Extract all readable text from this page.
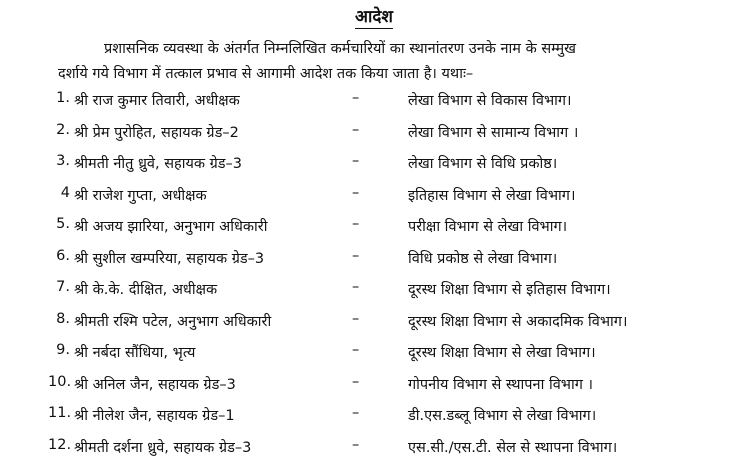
आदेश
प्रशासनिक व्यवस्था के अंतर्गत निम्नलिखित कर्मचारियों का स्थानांतरण उनके नाम के सम्मुख
दर्शाये गये विभाग में तत्काल प्रभाव से आगामी आदेश तक किया जाता है। यथाः–
1. श्री राज कुमार तिवारी, अधीक्षक	–	लेखा विभाग से विकास विभाग।
2. श्री प्रेम पुरोहित, सहायक ग्रेड–2	–	लेखा विभाग से सामान्य विभाग ।
3. श्रीमती नीतु ध्रुवे, सहायक ग्रेड–3	–	लेखा विभाग से विधि प्रकोष्ठ।
4 श्री राजेश गुप्ता, अधीक्षक	–	इतिहास विभाग से लेखा विभाग।
5. श्री अजय झारिया, अनुभाग अधिकारी	–	परीक्षा विभाग से लेखा विभाग।
6. श्री सुशील खम्परिया, सहायक ग्रेड–3	–	विधि प्रकोष्ठ से लेखा विभाग।
7. श्री के.के. दीक्षित, अधीक्षक	–	दूरस्थ शिक्षा विभाग से इतिहास विभाग।
8. श्रीमती रश्मि पटेल, अनुभाग अधिकारी	–	दूरस्थ शिक्षा विभाग से अकादमिक विभाग।
9. श्री नर्बदा सौंधिया, भृत्य	–	दूरस्थ शिक्षा विभाग से लेखा विभाग।
10. श्री अनिल जैन, सहायक ग्रेड–3	–	गोपनीय विभाग से स्थापना विभाग ।
11. श्री नीलेश जैन, सहायक ग्रेड–1	–	डी.एस.डब्लू विभाग से लेखा विभाग।
12. श्रीमती दर्शना ध्रुवे, सहायक ग्रेड–3	–	एस.सी./एस.टी. सेल से स्थापना विभाग।
